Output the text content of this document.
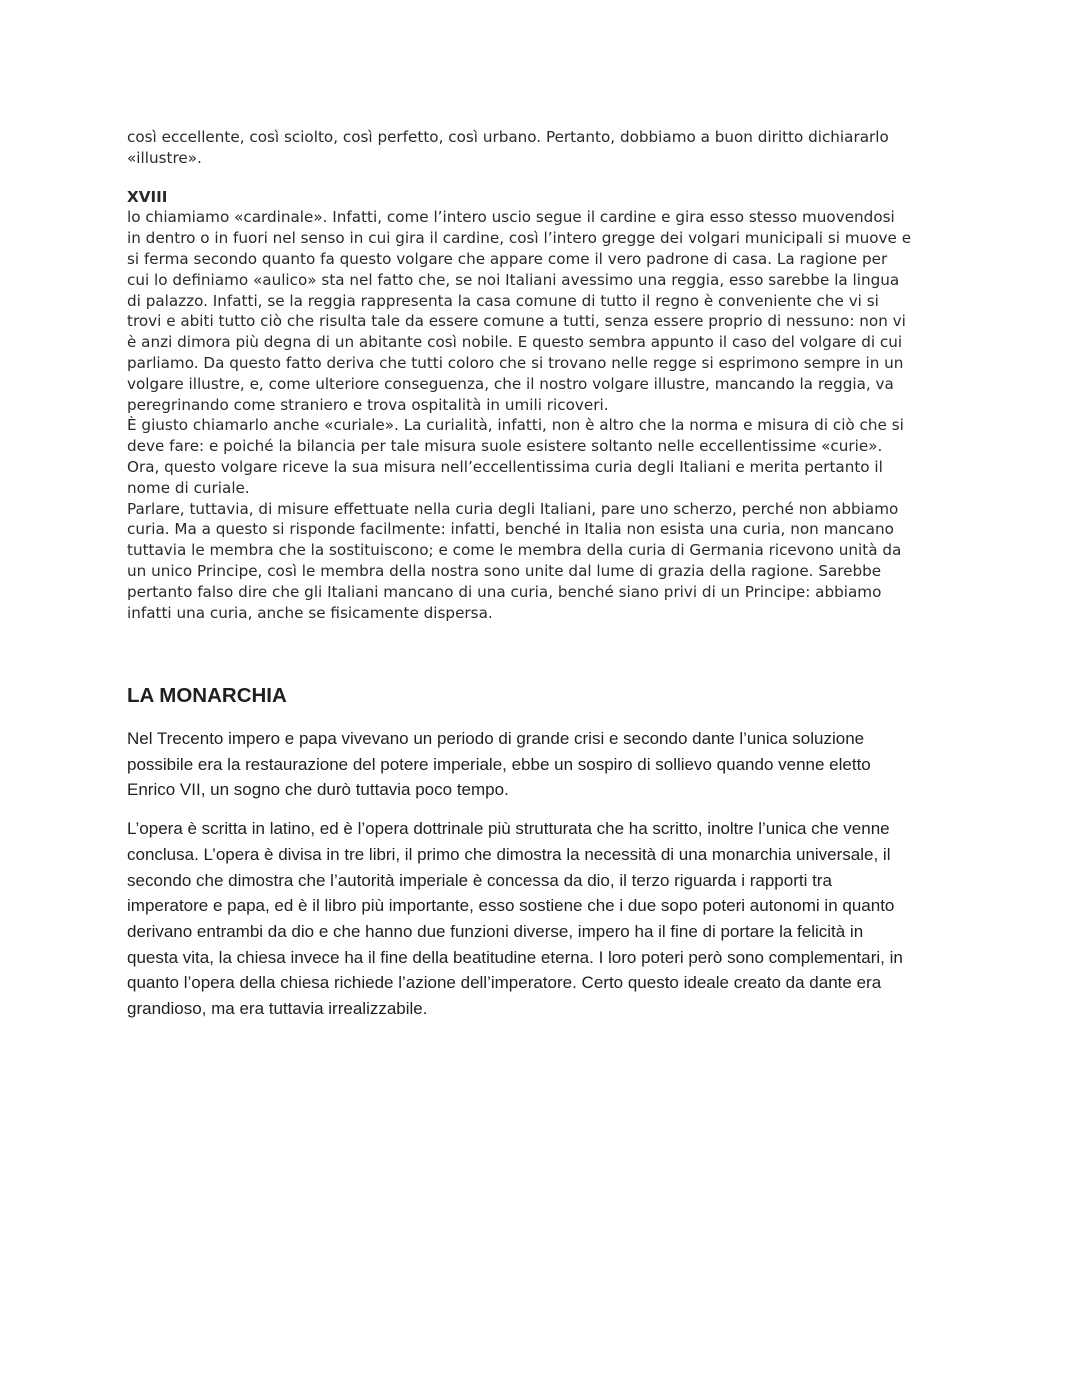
così eccellente, così sciolto, così perfetto, così urbano. Pertanto, dobbiamo a buon diritto dichiararlo
«illustre».

XVIII

lo chiamiamo «cardinale». Infatti, come l’intero uscio segue il cardine e gira esso stesso muovendosi
in dentro o in fuori nel senso in cui gira il cardine, così l’intero gregge dei volgari municipali si muove e
si ferma secondo quanto fa questo volgare che appare come il vero padrone di casa. La ragione per
cui lo definiamo «aulico» sta nel fatto che, se noi Italiani avessimo una reggia, esso sarebbe la lingua
di palazzo. Infatti, se la reggia rappresenta la casa comune di tutto il regno è conveniente che vi si
trovi e abiti tutto ciò che risulta tale da essere comune a tutti, senza essere proprio di nessuno: non vi
è anzi dimora più degna di un abitante così nobile. E questo sembra appunto il caso del volgare di cui
parliamo. Da questo fatto deriva che tutti coloro che si trovano nelle regge si esprimono sempre in un
volgare illustre, e, come ulteriore conseguenza, che il nostro volgare illustre, mancando la reggia, va
peregrinando come straniero e trova ospitalità in umili ricoveri.

È giusto chiamarlo anche «curiale». La curialità, infatti, non è altro che la norma e misura di ciò che si
deve fare: e poiché la bilancia per tale misura suole esistere soltanto nelle eccellentissime «curie».
Ora, questo volgare riceve la sua misura nell’eccellentissima curia degli Italiani e merita pertanto il
nome di curiale.

Parlare, tuttavia, di misure effettuate nella curia degli Italiani, pare uno scherzo, perché non abbiamo
curia. Ma a questo si risponde facilmente: infatti, benché in Italia non esista una curia, non mancano
tuttavia le membra che la sostituiscono; e come le membra della curia di Germania ricevono unità da
un unico Principe, così le membra della nostra sono unite dal lume di grazia della ragione. Sarebbe
pertanto falso dire che gli Italiani mancano di una curia, benché siano privi di un Principe: abbiamo
infatti una curia, anche se fisicamente dispersa.

LA MONARCHIA

Nel Trecento impero e papa vivevano un periodo di grande crisi e secondo dante l’unica soluzione
possibile era la restaurazione del potere imperiale, ebbe un sospiro di sollievo quando venne eletto
Enrico VII, un sogno che durò tuttavia poco tempo.

L’opera è scritta in latino, ed è l’opera dottrinale più strutturata che ha scritto, inoltre l’unica che venne
conclusa. L’opera è divisa in tre libri, il primo che dimostra la necessità di una monarchia universale, il
secondo che dimostra che l’autorità imperiale è concessa da dio, il terzo riguarda i rapporti tra
imperatore e papa, ed è il libro più importante, esso sostiene che i due sopo poteri autonomi in quanto
derivano entrambi da dio e che hanno due funzioni diverse, impero ha il fine di portare la felicità in
questa vita, la chiesa invece ha il fine della beatitudine eterna. I loro poteri però sono complementari, in
quanto l’opera della chiesa richiede l’azione dell’imperatore. Certo questo ideale creato da dante era
grandioso, ma era tuttavia irrealizzabile.
